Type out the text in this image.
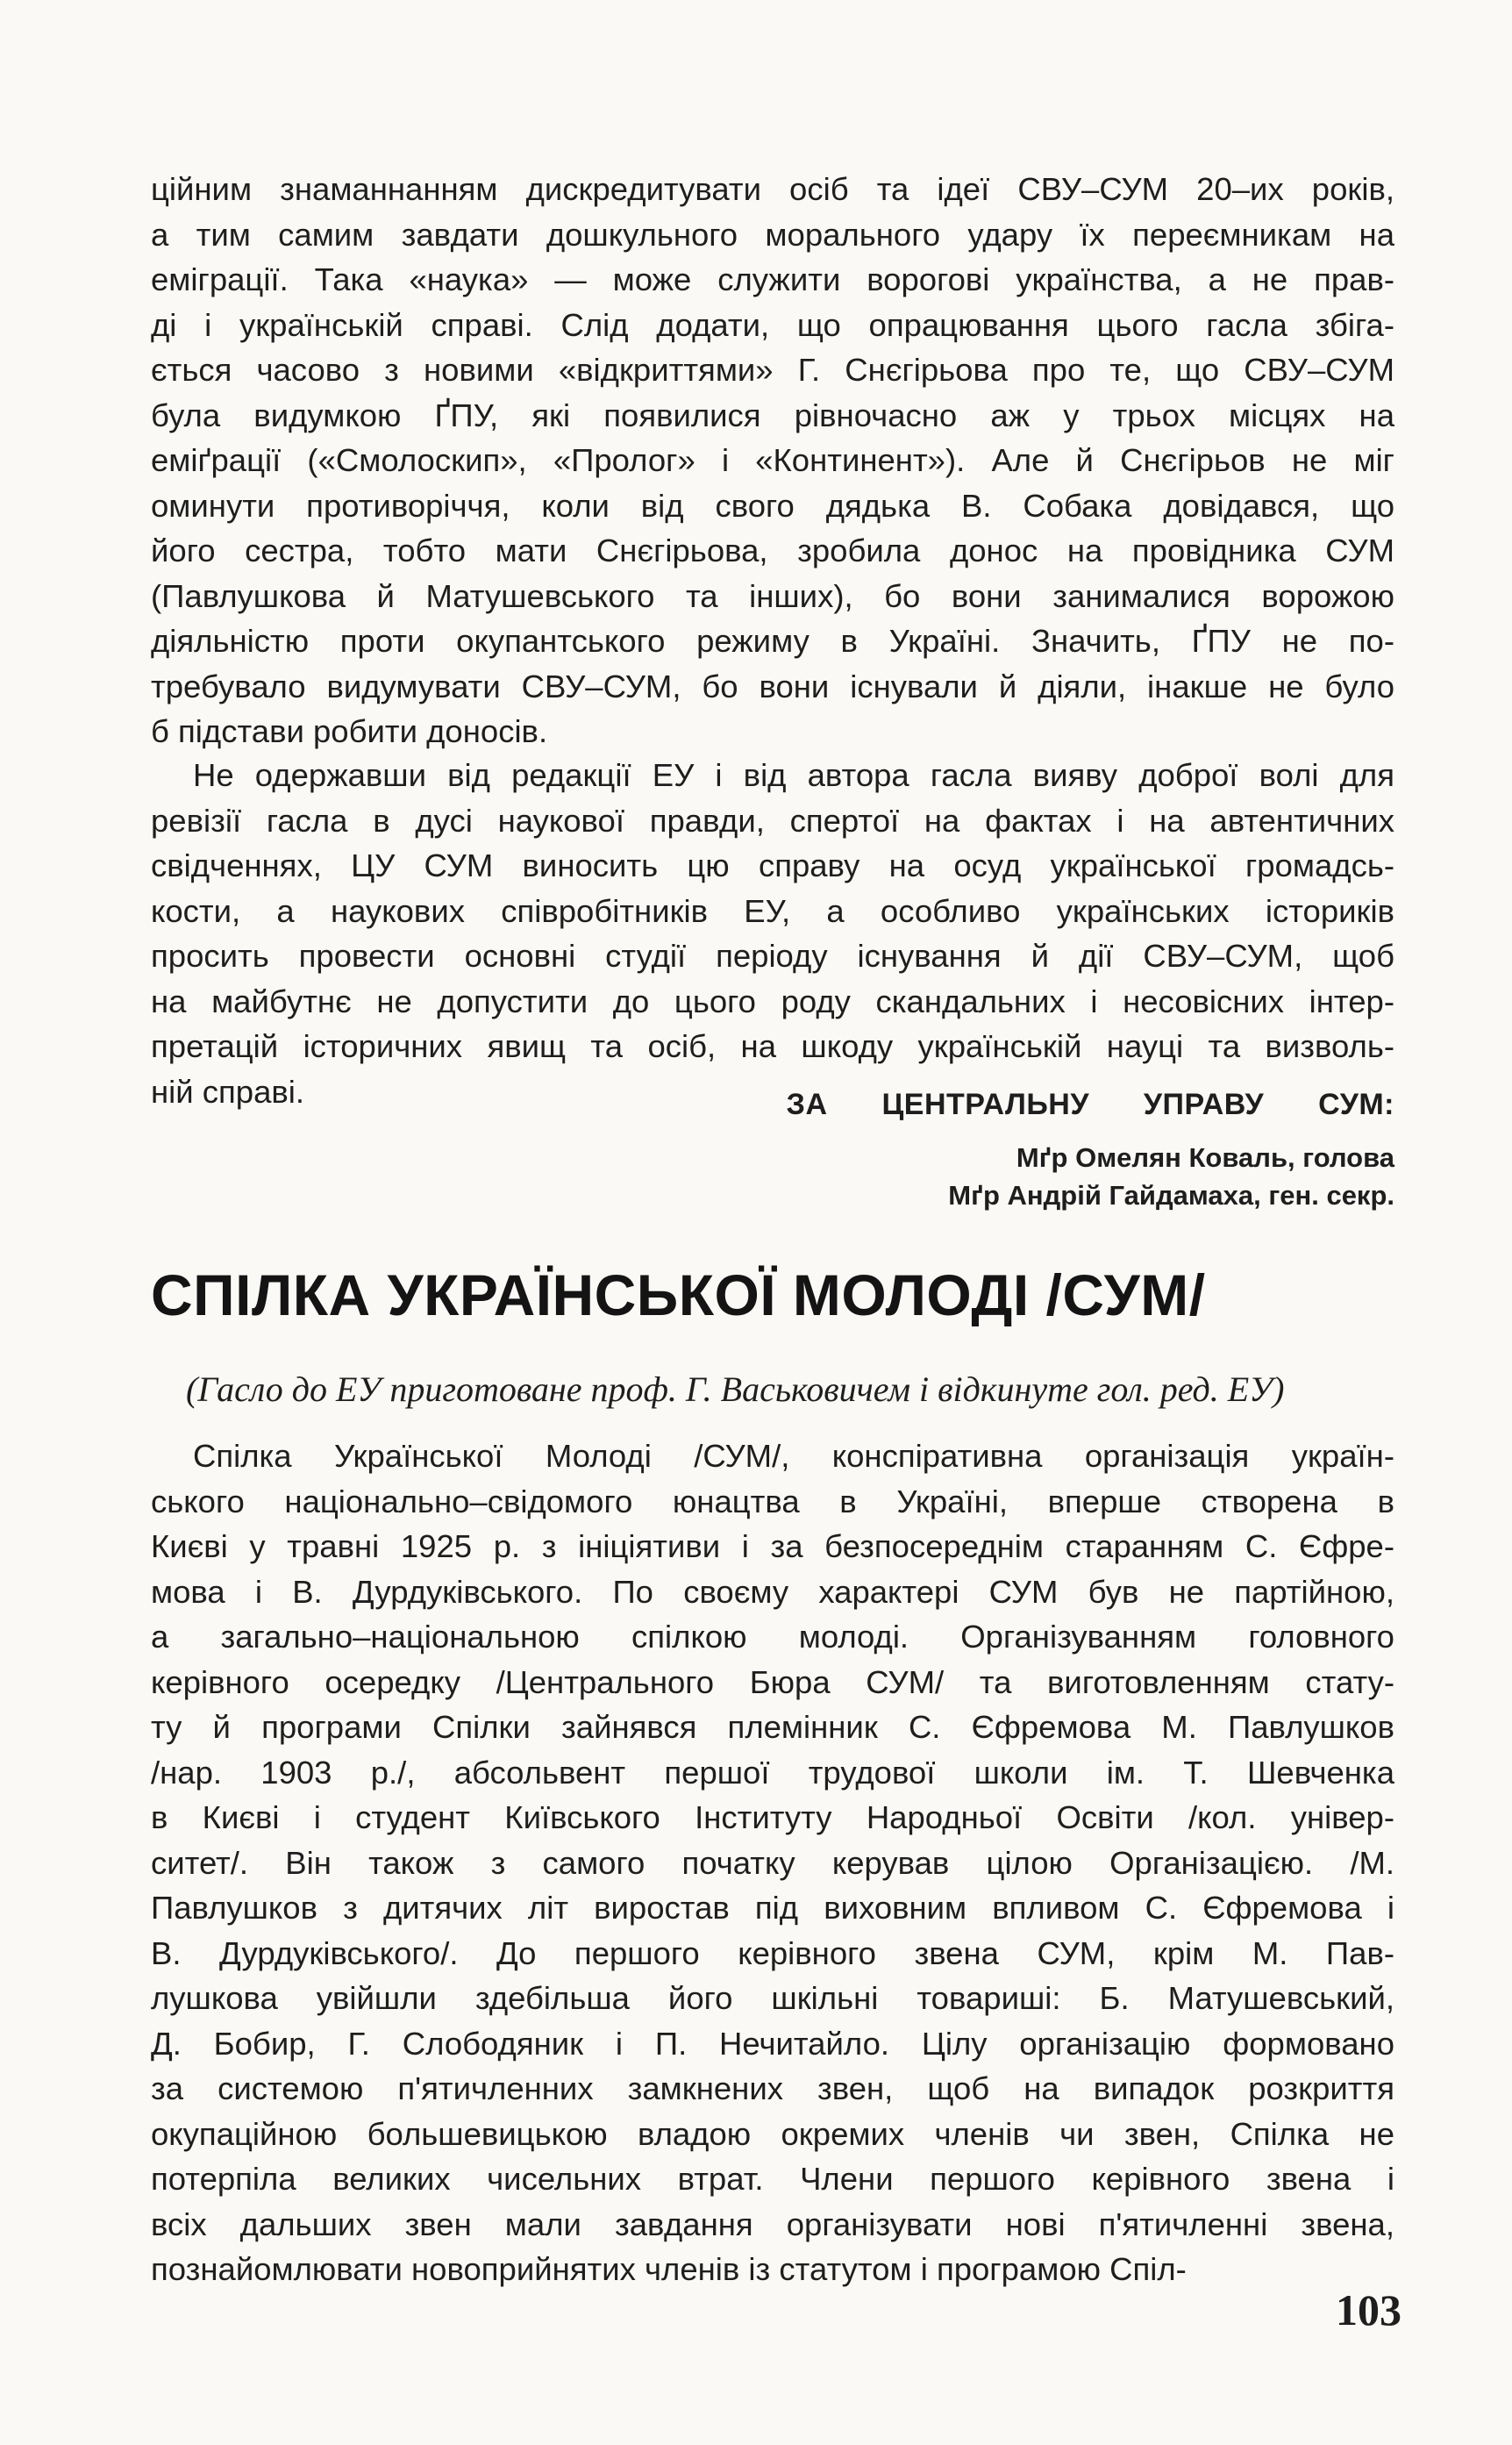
ційним знаманнанням дискредитувати осіб та ідеї СВУ–СУМ 20–их років,
а тим самим завдати дошкульного морального удару їх переємникам на
еміграції. Така «наука» — може служити ворогові українства, а не прав-
ді і українській справі. Слід додати, що опрацювання цього гасла збіга-
ється часово з новими «відкриттями» Г. Снєгірьова про те, що СВУ–СУМ
була видумкою ҐПУ, які появилися рівночасно аж у трьох місцях на
еміґрації («Смолоскип», «Пролог» і «Континент»). Але й Снєгірьов не міг
оминути противоріччя, коли від свого дядька В. Собака довідався, що
його сестра, тобто мати Снєгірьова, зробила донос на провідника СУМ
(Павлушкова й Матушевського та інших), бо вони занималися ворожою
діяльністю проти окупантського режиму в Україні. Значить, ҐПУ не по-
требувало видумувати СВУ–СУМ, бо вони існували й діяли, інакше не було
б підстави робити доносів.
Не одержавши від редакції ЕУ і від автора гасла вияву доброї волі для
ревізії гасла в дусі наукової правди, спертої на фактах і на автентичних
свідченнях, ЦУ СУМ виносить цю справу на осуд української громадсь-
кости, а наукових співробітників ЕУ, а особливо українських істориків
просить провести основні студії періоду існування й дії СВУ–СУМ, щоб
на майбутнє не допустити до цього роду скандальних і несовісних інтер-
претацій історичних явищ та осіб, на шкоду українській науці та визволь-
ній справі.	ЗА ЦЕНТРАЛЬНУ УПРАВУ СУМ:
Мґр Омелян Коваль, голова
Мґр Андрій Гайдамаха, ген. секр.
СПІЛКА УКРАЇНСЬКОЇ МОЛОДІ /СУМ/
(Гасло до ЕУ приготоване проф. Г. Васьковичем і відкинуте гол. ред. ЕУ)
Спілка Української Молоді /СУМ/, конспіративна організація україн-
ського національно–свідомого юнацтва в Україні, вперше створена в
Києві у травні 1925 р. з ініціятиви і за безпосереднім старанням С. Єфре-
мова і В. Дурдуківського. По своєму характері СУМ був не партійною,
а загально–національною спілкою молоді. Організуванням головного
керівного осередку /Центрального Бюра СУМ/ та виготовленням стату-
ту й програми Спілки зайнявся племінник С. Єфремова М. Павлушков
/нар. 1903 р./, абсольвент першої трудової школи ім. Т. Шевченка
в Києві і студент Київського Інституту Народньої Освіти /кол. універ-
ситет/. Він також з самого початку керував цілою Організацією. /М.
Павлушков з дитячих літ виростав під виховним впливом С. Єфремова і
В. Дурдуківського/. До першого керівного звена СУМ, крім М. Пав-
лушкова увійшли здебільша його шкільні товариші: Б. Матушевський,
Д. Бобир, Г. Слободяник і П. Нечитайло. Цілу організацію формовано
за системою п'ятичленних замкнених звен, щоб на випадок розкриття
окупаційною большевицькою владою окремих членів чи звен, Спілка не
потерпіла великих чисельних втрат. Члени першого керівного звена і
всіх дальших звен мали завдання організувати нові п'ятичленні звена,
познайомлювати новоприйнятих членів із статутом і програмою Спіл-
103
